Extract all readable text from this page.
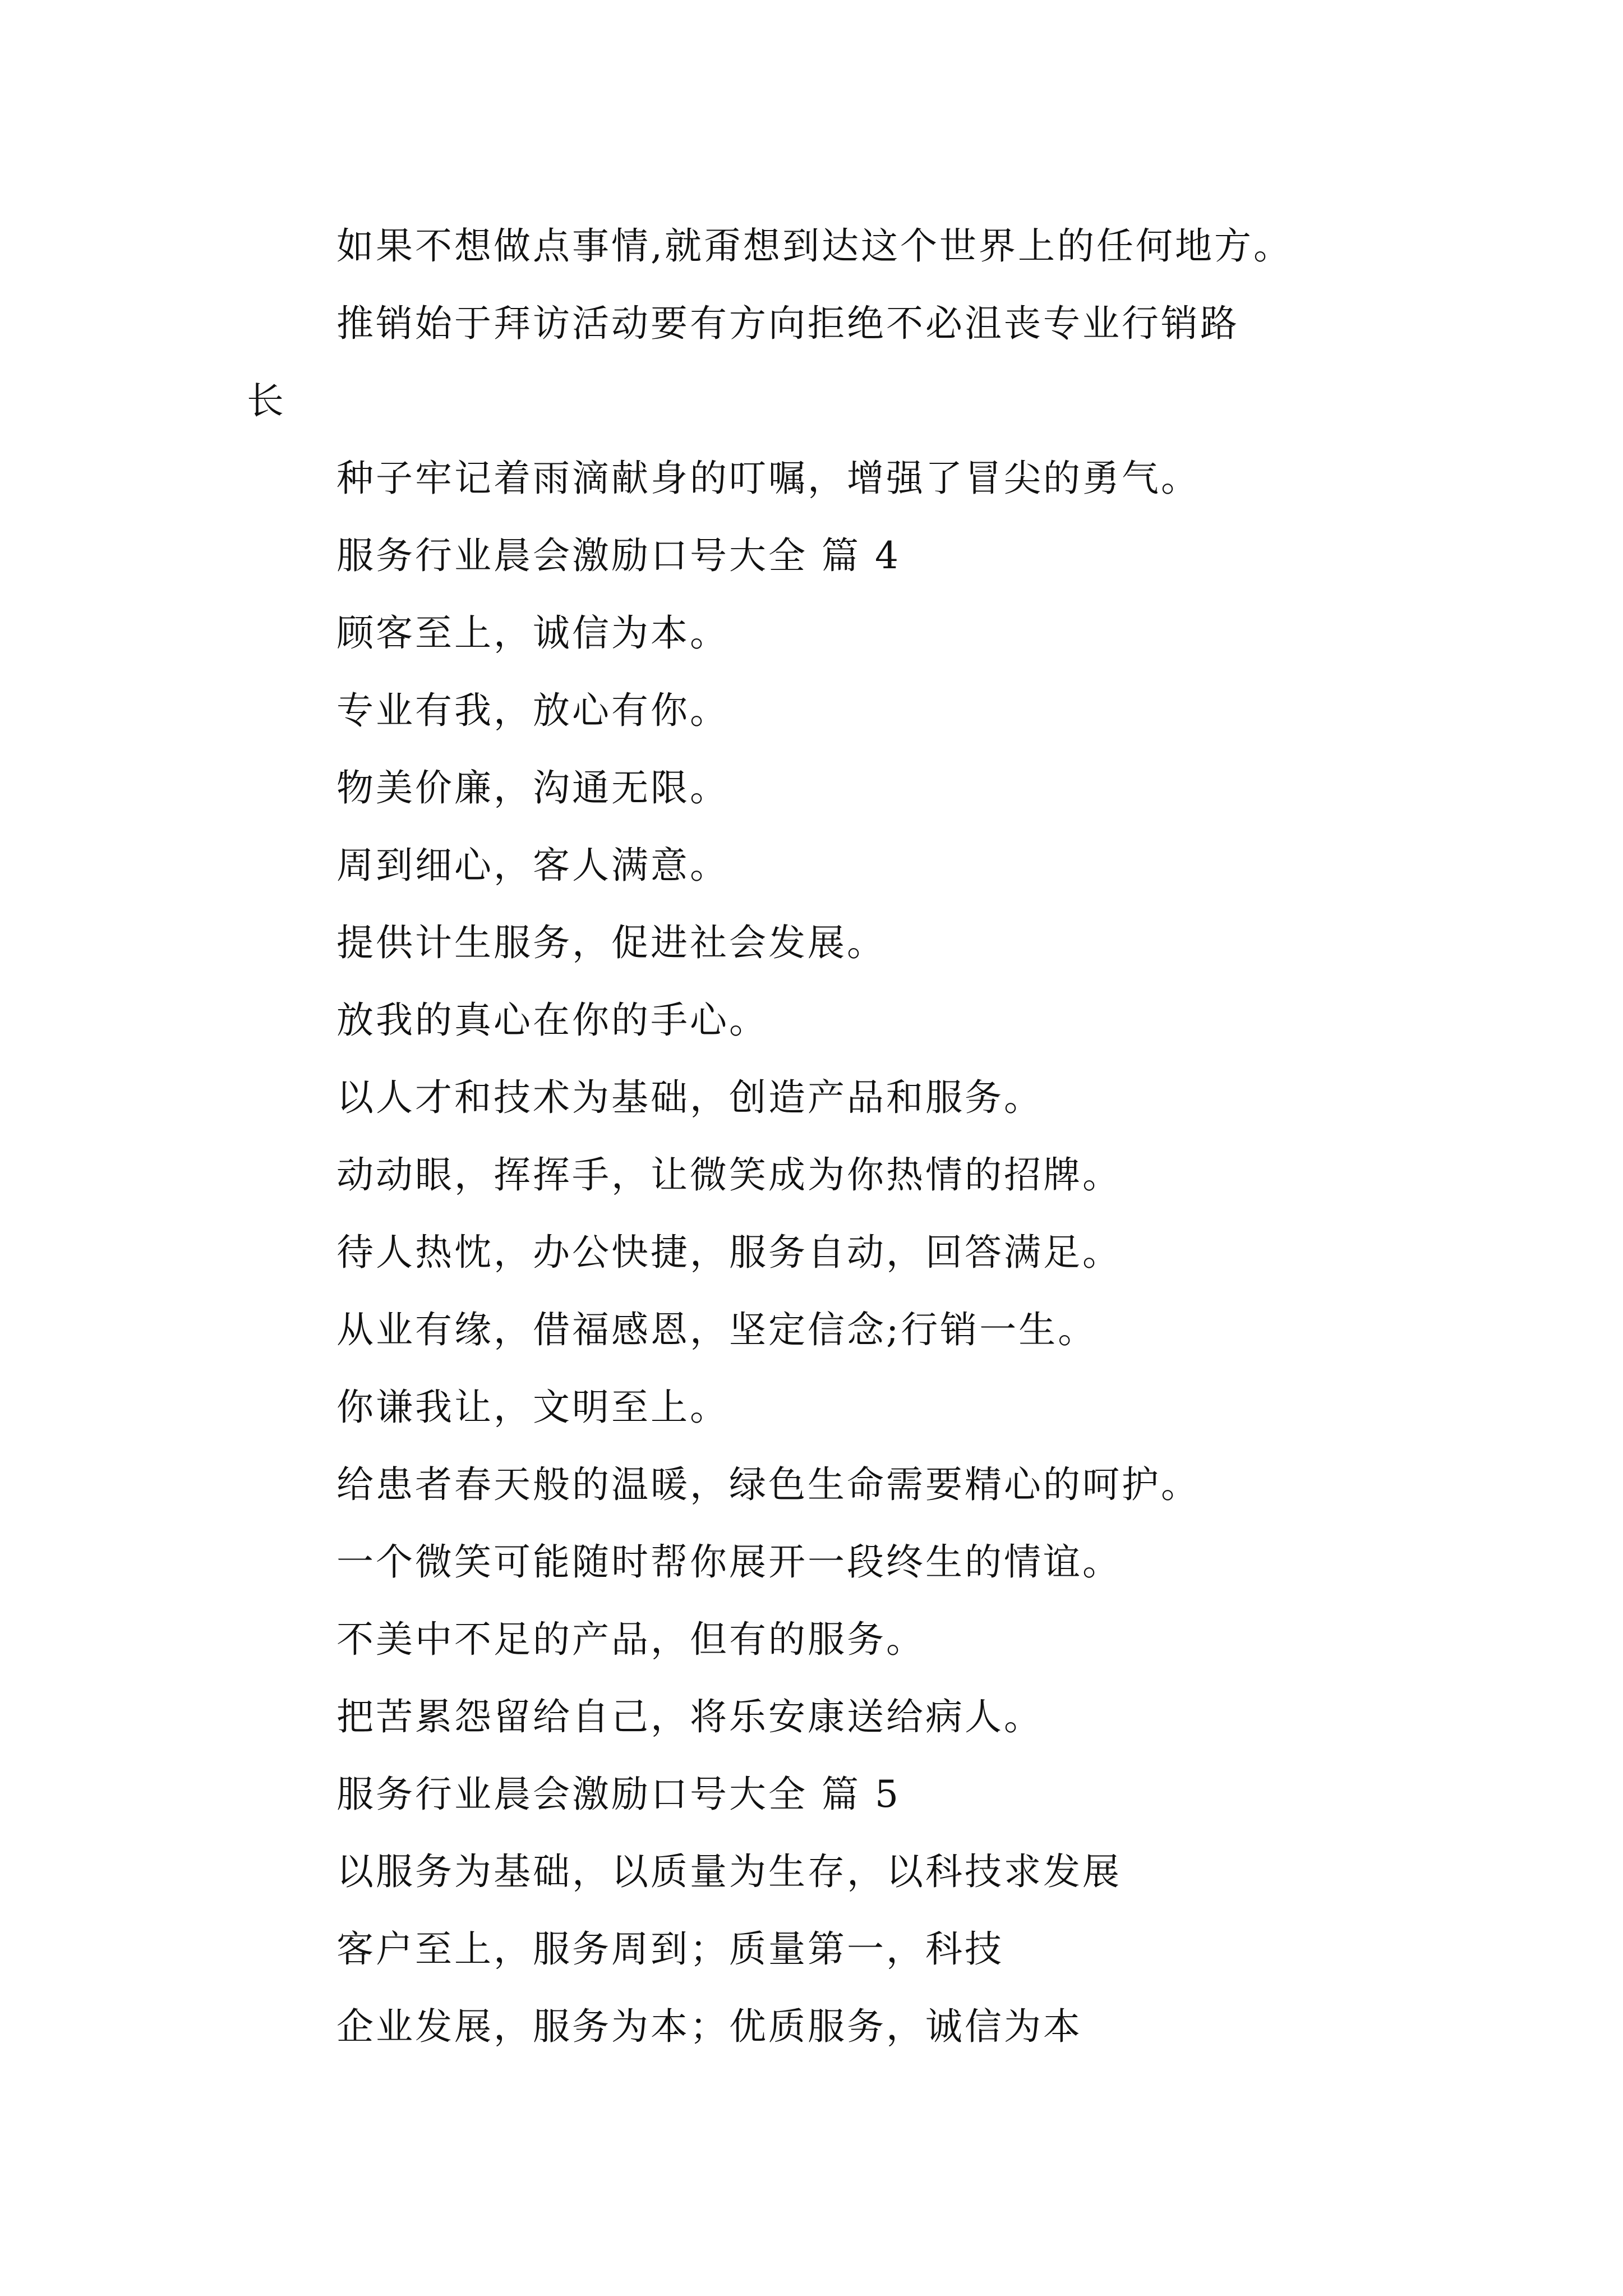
如果不想做点事情,就甭想到达这个世界上的任何地方。
推销始于拜访活动要有方向拒绝不必沮丧专业行销路
长
种子牢记着雨滴献身的叮嘱，增强了冒尖的勇气。
服务行业晨会激励口号大全 篇 4
顾客至上，诚信为本。
专业有我，放心有你。
物美价廉，沟通无限。
周到细心，客人满意。
提供计生服务，促进社会发展。
放我的真心在你的手心。
以人才和技术为基础，创造产品和服务。
动动眼，挥挥手，让微笑成为你热情的招牌。
待人热忱，办公快捷，服务自动，回答满足。
从业有缘，借福感恩，坚定信念;行销一生。
你谦我让，文明至上。
给患者春天般的温暖，绿色生命需要精心的呵护。
一个微笑可能随时帮你展开一段终生的情谊。
不美中不足的产品，但有的服务。
把苦累怨留给自己，将乐安康送给病人。
服务行业晨会激励口号大全 篇 5
以服务为基础，以质量为生存，以科技求发展
客户至上，服务周到；质量第一，科技
企业发展，服务为本；优质服务，诚信为本
